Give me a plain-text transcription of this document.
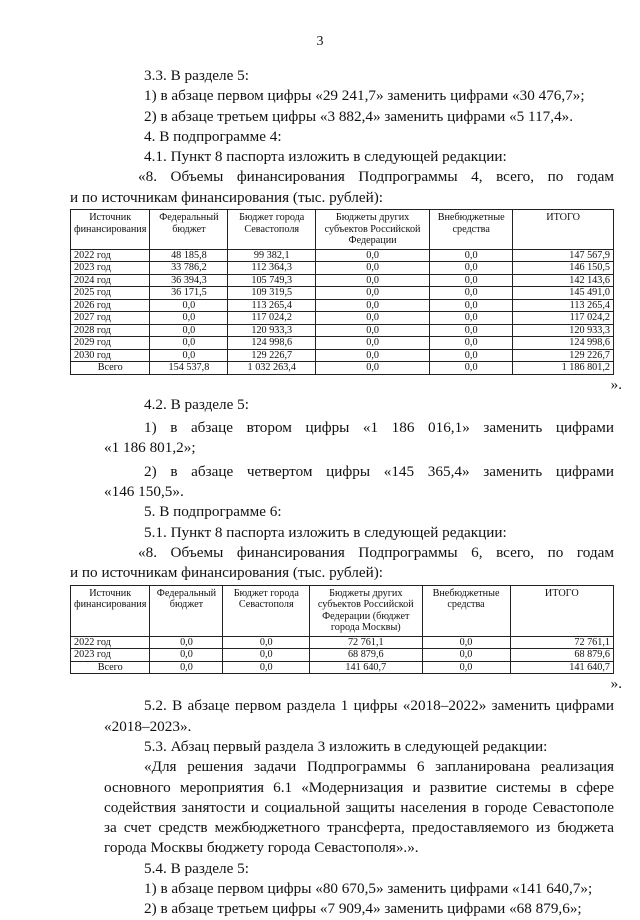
3

3.3. В разделе 5:

1) в абзаце первом цифры «29 241,7» заменить цифрами «30 476,7»;

2) в абзаце третьем цифры «3 882,4» заменить цифрами «5 117,4».

4. В подпрограмме 4:

4.1. Пункт 8 паспорта изложить в следующей редакции:

«8. Объемы финансирования Подпрограммы 4, всего, по годам

и по источникам финансирования (тыс. рублей):

Источник финансирования	Федеральный бюджет	Бюджет города Севастополя	Бюджеты других субъектов Российской Федерации	Внебюджетные средства	ИТОГО
2022 год	48 185,8	99 382,1	0,0	0,0	147 567,9
2023 год	33 786,2	112 364,3	0,0	0,0	146 150,5
2024 год	36 394,3	105 749,3	0,0	0,0	142 143,6
2025 год	36 171,5	109 319,5	0,0	0,0	145 491,0
2026 год	0,0	113 265,4	0,0	0,0	113 265,4
2027 год	0,0	117 024,2	0,0	0,0	117 024,2
2028 год	0,0	120 933,3	0,0	0,0	120 933,3
2029 год	0,0	124 998,6	0,0	0,0	124 998,6
2030 год	0,0	129 226,7	0,0	0,0	129 226,7
Всего	154 537,8	1 032 263,4	0,0	0,0	1 186 801,2

».

4.2. В разделе 5:

1) в абзаце втором цифры «1 186 016,1» заменить цифрами

«1 186 801,2»;

2) в абзаце четвертом цифры «145 365,4» заменить цифрами

«146 150,5».

5. В подпрограмме 6:

5.1. Пункт 8 паспорта изложить в следующей редакции:

«8. Объемы финансирования Подпрограммы 6, всего, по годам

и по источникам финансирования (тыс. рублей):

Источник финансирования	Федеральный бюджет	Бюджет города Севастополя	Бюджеты других субъектов Российской Федерации (бюджет города Москвы)	Внебюджетные средства	ИТОГО
2022 год	0,0	0,0	72 761,1	0,0	72 761,1
2023 год	0,0	0,0	68 879,6	0,0	68 879,6
Всего	0,0	0,0	141 640,7	0,0	141 640,7

».

5.2. В абзаце первом раздела 1 цифры «2018–2022» заменить цифрами «2018–2023».

5.3. Абзац первый раздела 3 изложить в следующей редакции:

«Для решения задачи Подпрограммы 6 запланирована реализация основного мероприятия 6.1 «Модернизация и развитие системы в сфере содействия занятости и социальной защиты населения в городе Севастополе за счет средств межбюджетного трансферта, предоставляемого из бюджета города Москвы бюджету города Севастополя».».

5.4. В разделе 5:

1) в абзаце первом цифры «80 670,5» заменить цифрами «141 640,7»;

2) в абзаце третьем цифры «7 909,4» заменить цифрами «68 879,6»;
